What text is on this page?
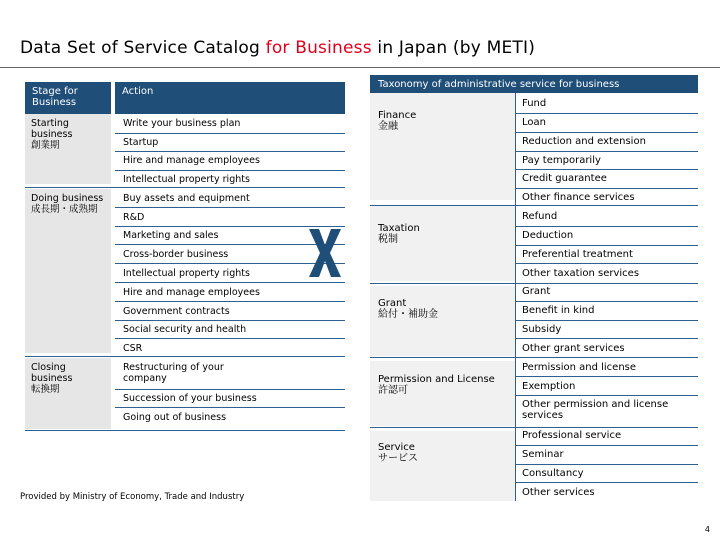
Data Set of Service Catalog for Business in Japan (by METI)
Stage for Business
Action
Starting business
創業期
Doing business
成長期・成熟期
Closing business
転換期
Write your business plan
Startup
Hire and manage employees
Intellectual property rights
Buy assets and equipment
R&D
Marketing and sales
Cross-border business
Intellectual property rights
Hire and manage employees
Government contracts
Social security and health
CSR
Restructuring of your company
Succession of your business
Going out of business
Taxonomy of administrative service for business
Finance
金融
Taxation
税制
Grant
給付・補助金
Permission and License
許認可
Service
サービス
Fund
Loan
Reduction and extension
Pay temporarily
Credit guarantee
Other finance services
Refund
Deduction
Preferential treatment
Other taxation services
Grant
Benefit in kind
Subsidy
Other grant services
Permission and license
Exemption
Other permission and license services
Professional service
Seminar
Consultancy
Other services
Provided by Ministry of Economy, Trade and Industry
4
